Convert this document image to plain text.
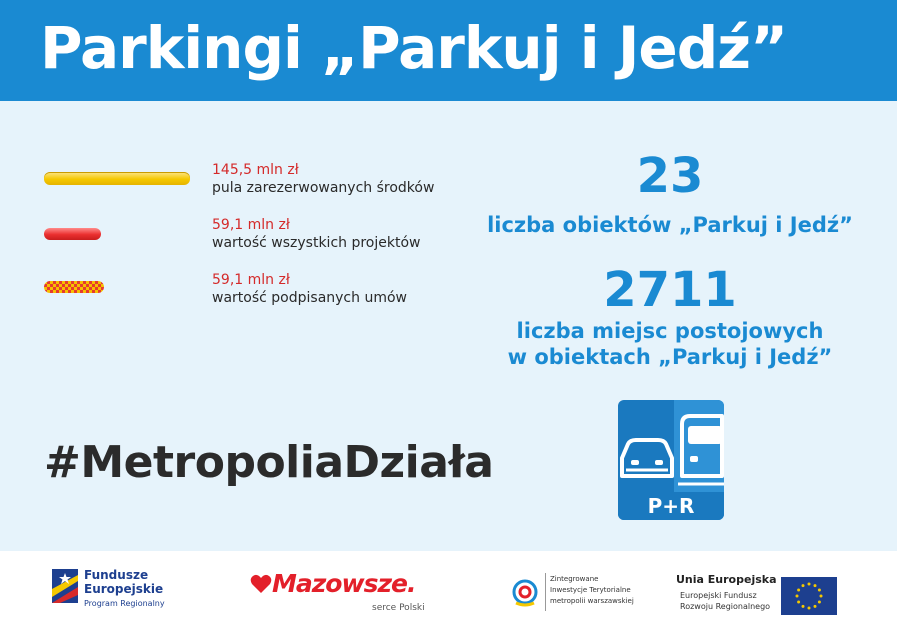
Parkingi „Parkuj i Jedź”
145,5 mln zł
pula zarezerwowanych środków
59,1 mln zł
wartość wszystkich projektów
59,1 mln zł
wartość podpisanych umów
23
liczba obiektów „Parkuj i Jedź”
2711
liczba miejsc postojowych
w obiektach „Parkuj i Jedź”
#MetropoliaDziała
P+R
Fundusze
Europejskie
Program Regionalny
Mazowsze.
serce Polski
Zintegrowane
Inwestycje Terytorialne
metropolii warszawskiej
Unia Europejska
Europejski Fundusz
Rozwoju Regionalnego
